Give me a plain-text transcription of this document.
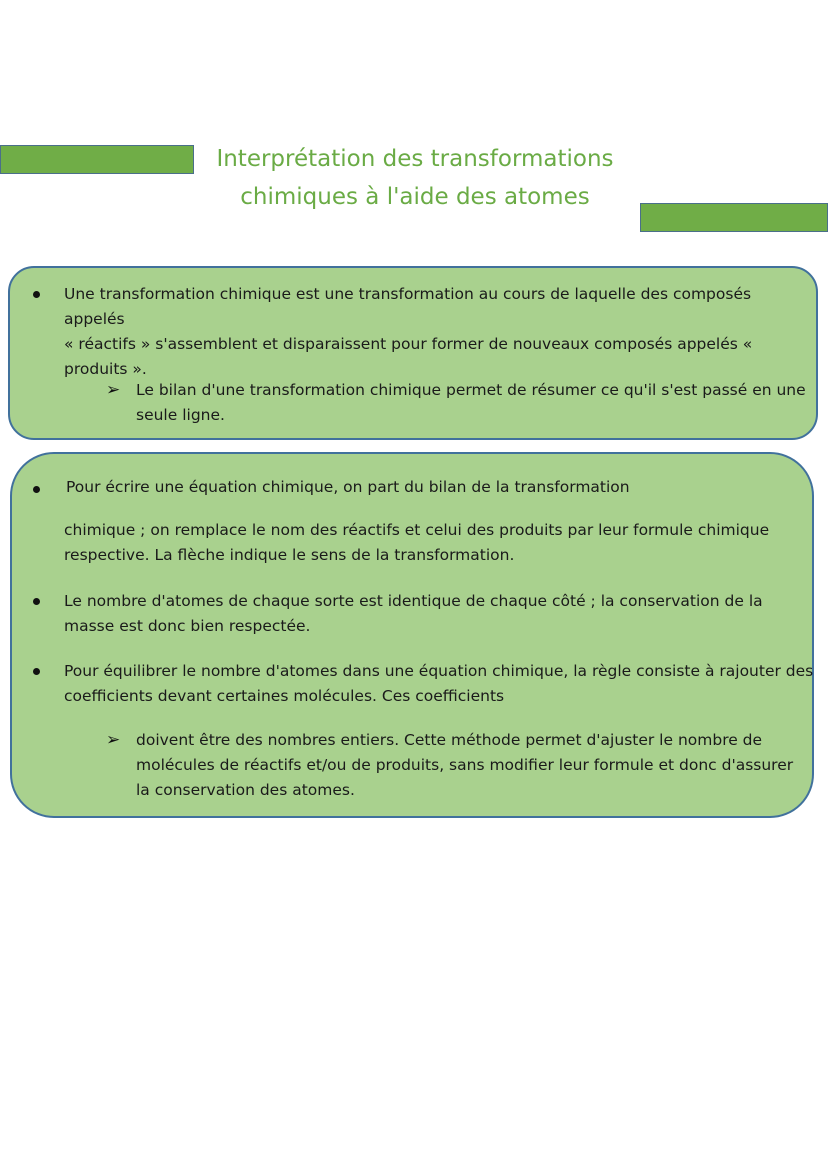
Interprétation des transformations
chimiques à l'aide des atomes
Une transformation chimique est une transformation au cours de laquelle des composés appelés
« réactifs » s'assemblent et disparaissent pour former de nouveaux composés appelés «
produits ».
➢ Le bilan d'une transformation chimique permet de résumer ce qu'il s'est passé en une
seule ligne.
Pour écrire une équation chimique, on part du bilan de la transformation
chimique ; on remplace le nom des réactifs et celui des produits par leur formule chimique
respective. La flèche indique le sens de la transformation.
Le nombre d'atomes de chaque sorte est identique de chaque côté ; la conservation de la
masse est donc bien respectée.
Pour équilibrer le nombre d'atomes dans une équation chimique, la règle consiste à rajouter des
coefficients devant certaines molécules. Ces coefficients
➢ doivent être des nombres entiers. Cette méthode permet d'ajuster le nombre de
molécules de réactifs et/ou de produits, sans modifier leur formule et donc d'assurer
la conservation des atomes.
